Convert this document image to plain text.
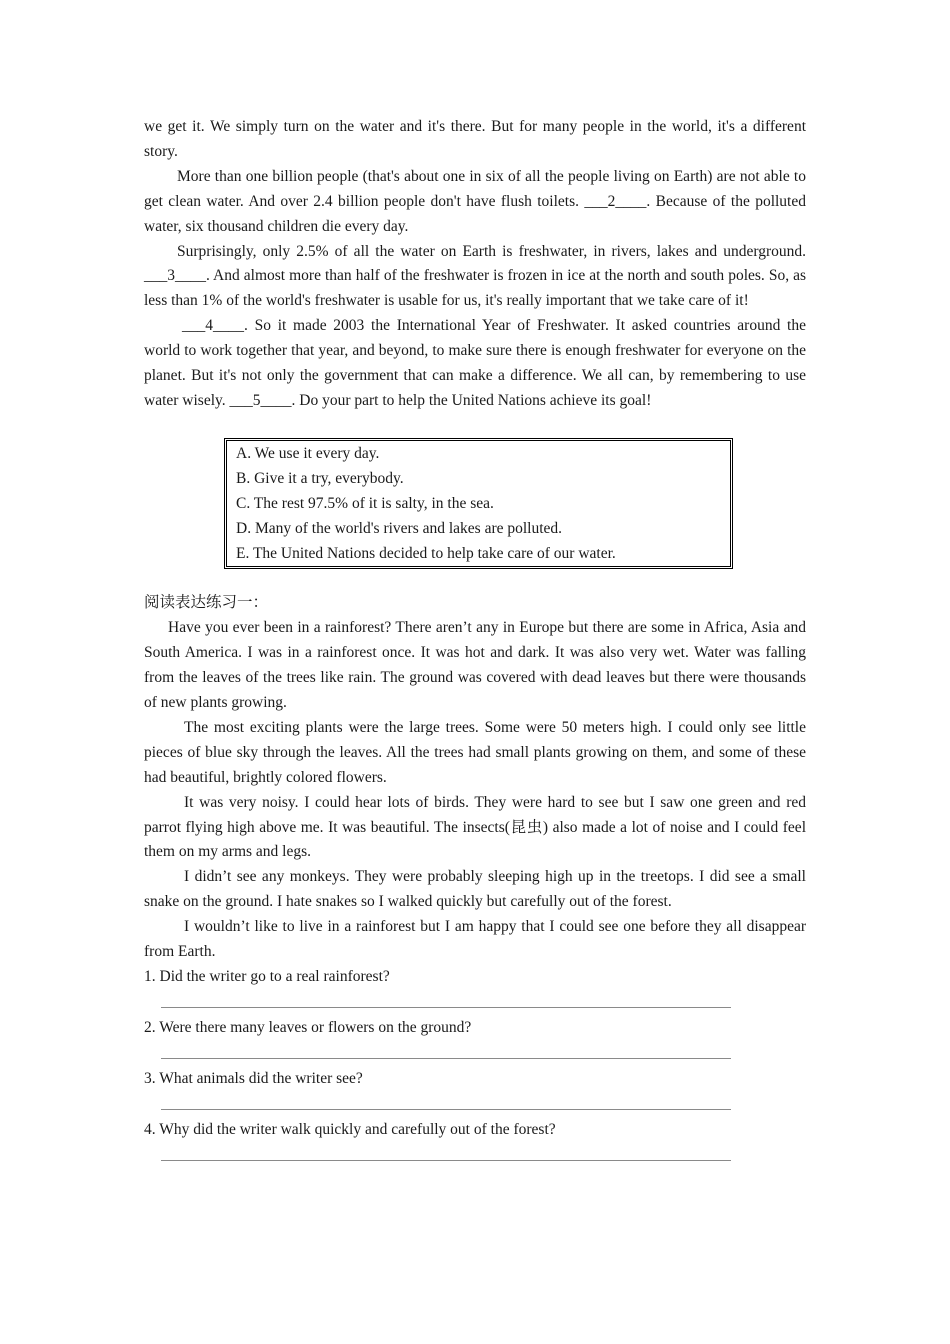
we get it. We simply turn on the water and it's there. But for many people in the world, it's a different story.

More than one billion people (that's about one in six of all the people living on Earth) are not able to get clean water. And over 2.4 billion people don't have flush toilets. ___2____. Because of the polluted water, six thousand children die every day.

Surprisingly, only 2.5% of all the water on Earth is freshwater, in rivers, lakes and underground. ___3____. And almost more than half of the freshwater is frozen in ice at the north and south poles. So, as less than 1% of the world's freshwater is usable for us, it's really important that we take care of it!

___4____. So it made 2003 the International Year of Freshwater. It asked countries around the world to work together that year, and beyond, to make sure there is enough freshwater for everyone on the planet. But it's not only the government that can make a difference. We all can, by remembering to use water wisely. ___5____. Do your part to help the United Nations achieve its goal!

A. We use it every day.
B. Give it a try, everybody.
C. The rest 97.5% of it is salty, in the sea.
D. Many of the world's rivers and lakes are polluted.
E. The United Nations decided to help take care of our water.

阅读表达练习一：

Have you ever been in a rainforest? There aren’t any in Europe but there are some in Africa, Asia and South America. I was in a rainforest once. It was hot and dark. It was also very wet. Water was falling from the leaves of the trees like rain. The ground was covered with dead leaves but there were thousands of new plants growing.

The most exciting plants were the large trees. Some were 50 meters high. I could only see little pieces of blue sky through the leaves. All the trees had small plants growing on them, and some of these had beautiful, brightly colored flowers.

It was very noisy. I could hear lots of birds. They were hard to see but I saw one green and red parrot flying high above me. It was beautiful. The insects(昆虫) also made a lot of noise and I could feel them on my arms and legs.

I didn’t see any monkeys. They were probably sleeping high up in the treetops. I did see a small snake on the ground. I hate snakes so I walked quickly but carefully out of the forest.

I wouldn’t like to live in a rainforest but I am happy that I could see one before they all disappear from Earth.

1. Did the writer go to a real rainforest?

2. Were there many leaves or flowers on the ground?

3. What animals did the writer see?

4. Why did the writer walk quickly and carefully out of the forest?
